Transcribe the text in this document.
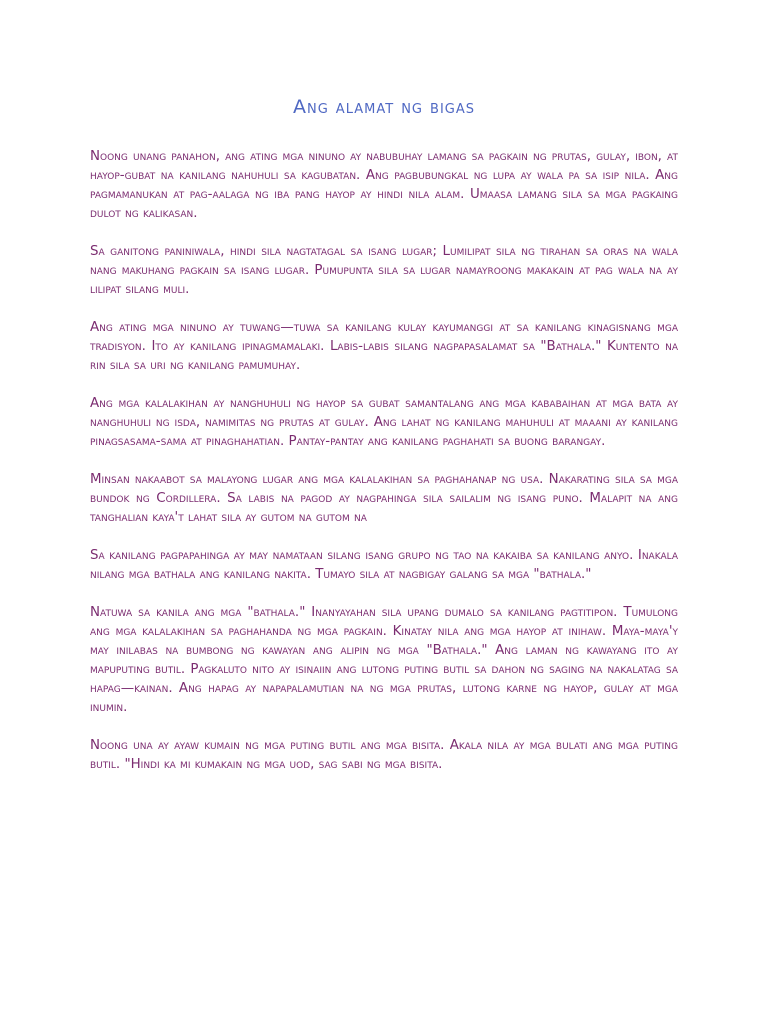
Ang alamat ng bigas

Noong unang panahon, ang ating mga ninuno ay nabubuhay lamang sa pagkain ng prutas, gulay, ibon, at hayop-gubat na kanilang nahuhuli sa kagubatan. Ang pagbubungkal ng lupa ay wala pa sa isip nila. Ang pagmamanukan at pag-aalaga ng iba pang hayop ay hindi nila alam. Umaasa lamang sila sa mga pagkaing dulot ng kalikasan.

Sa ganitong paniniwala, hindi sila nagtatagal sa isang lugar; Lumilipat sila ng tirahan sa oras na wala nang makuhang pagkain sa isang lugar. Pumupunta sila sa lugar namayroong makakain at pag wala na ay lilipat silang muli.

Ang ating mga ninuno ay tuwang—tuwa sa kanilang kulay kayumanggi at sa kanilang kinagisnang mga tradisyon. Ito ay kanilang ipinagmamalaki. Labis-labis silang nagpapasalamat sa "Bathala." Kuntento na rin sila sa uri ng kanilang pamumuhay.

Ang mga kalalakihan ay nanghuhuli ng hayop sa gubat samantalang ang mga kababaihan at mga bata ay nanghuhuli ng isda, namimitas ng prutas at gulay. Ang lahat ng kanilang mahuhuli at maaani ay kanilang pinagsasama-sama at pinaghahatian. Pantay-pantay ang kanilang paghahati sa buong barangay.

Minsan nakaabot sa malayong lugar ang mga kalalakihan sa paghahanap ng usa. Nakarating sila sa mga bundok ng Cordillera. Sa labis na pagod ay nagpahinga sila sailalim ng isang puno. Malapit na ang tanghalian kaya't lahat sila ay gutom na gutom na

Sa kanilang pagpapahinga ay may namataan silang isang grupo ng tao na kakaiba sa kanilang anyo. Inakala nilang mga bathala ang kanilang nakita. Tumayo sila at nagbigay galang sa mga "bathala."

Natuwa sa kanila ang mga "bathala." Inanyayahan sila upang dumalo sa kanilang pagtitipon. Tumulong ang mga kalalakihan sa paghahanda ng mga pagkain. Kinatay nila ang mga hayop at inihaw. Maya-maya'y may inilabas na bumbong ng kawayan ang alipin ng mga "Bathala." Ang laman ng kawayang ito ay mapuputing butil. Pagkaluto nito ay isinaiin ang lutong puting butil sa dahon ng saging na nakalatag sa hapag—kainan. Ang hapag ay napapalamutian na ng mga prutas, lutong karne ng hayop, gulay at mga inumin.

Noong una ay ayaw kumain ng mga puting butil ang mga bisita. Akala nila ay mga bulati ang mga puting butil. "Hindi ka mi kumakain ng mga uod, sag sabi ng mga bisita.
